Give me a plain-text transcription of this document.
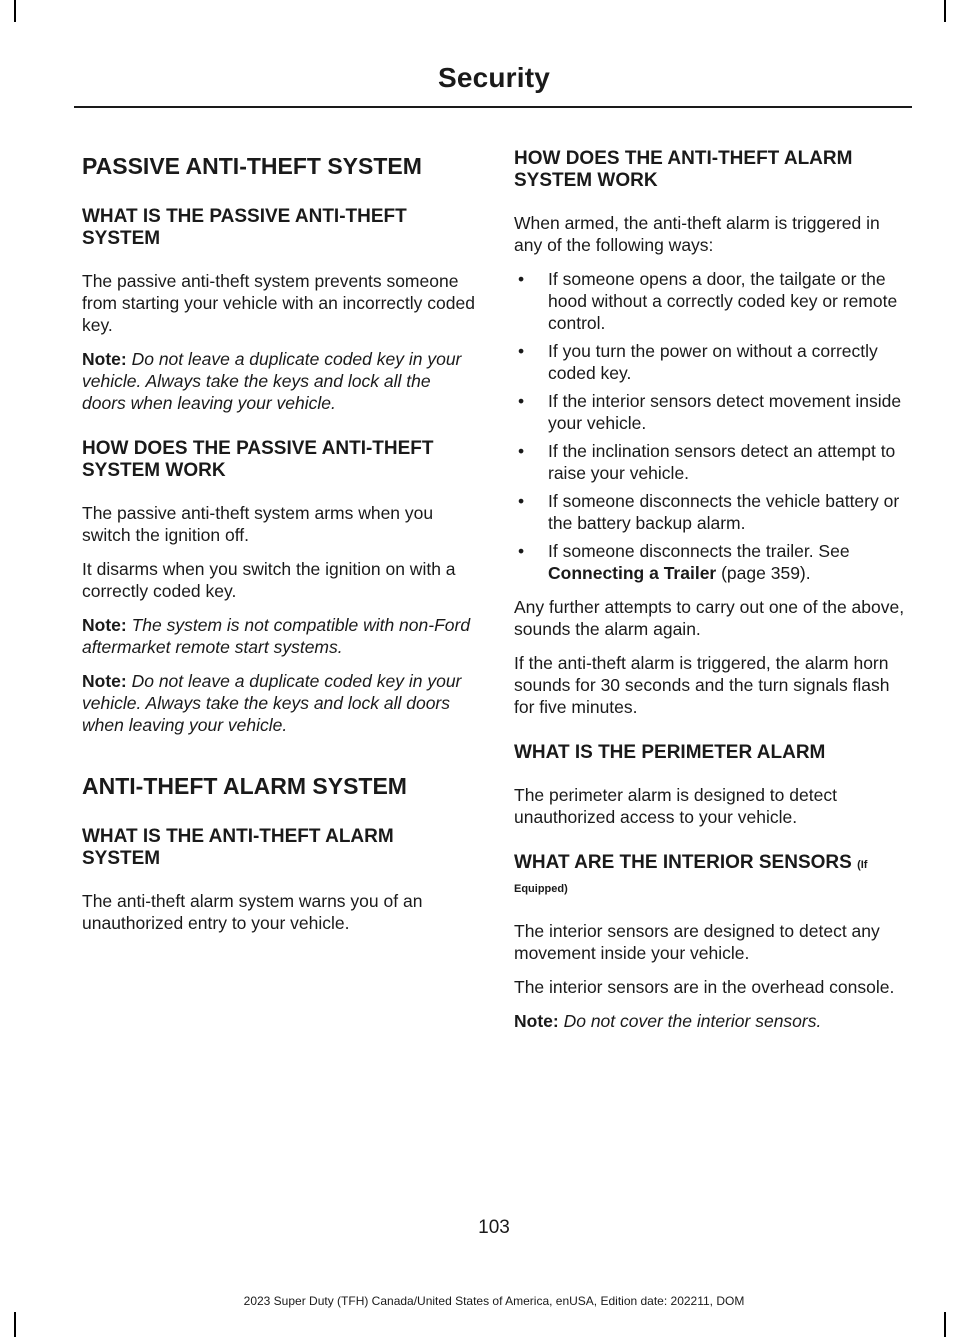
Security
PASSIVE ANTI-THEFT SYSTEM
WHAT IS THE PASSIVE ANTI-THEFT SYSTEM

The passive anti-theft system prevents someone from starting your vehicle with an incorrectly coded key.

Note: Do not leave a duplicate coded key in your vehicle. Always take the keys and lock all the doors when leaving your vehicle.

HOW DOES THE PASSIVE ANTI-THEFT SYSTEM WORK

The passive anti-theft system arms when you switch the ignition off.

It disarms when you switch the ignition on with a correctly coded key.

Note: The system is not compatible with non-Ford aftermarket remote start systems.

Note: Do not leave a duplicate coded key in your vehicle. Always take the keys and lock all doors when leaving your vehicle.

ANTI-THEFT ALARM SYSTEM
WHAT IS THE ANTI-THEFT ALARM SYSTEM

The anti-theft alarm system warns you of an unauthorized entry to your vehicle.

HOW DOES THE ANTI-THEFT ALARM SYSTEM WORK

When armed, the anti-theft alarm is triggered in any of the following ways:

• If someone opens a door, the tailgate or the hood without a correctly coded key or remote control.
• If you turn the power on without a correctly coded key.
• If the interior sensors detect movement inside your vehicle.
• If the inclination sensors detect an attempt to raise your vehicle.
• If someone disconnects the vehicle battery or the battery backup alarm.
• If someone disconnects the trailer. See Connecting a Trailer (page 359).

Any further attempts to carry out one of the above, sounds the alarm again.

If the anti-theft alarm is triggered, the alarm horn sounds for 30 seconds and the turn signals flash for five minutes.

WHAT IS THE PERIMETER ALARM

The perimeter alarm is designed to detect unauthorized access to your vehicle.

WHAT ARE THE INTERIOR SENSORS (If Equipped)

The interior sensors are designed to detect any movement inside your vehicle.

The interior sensors are in the overhead console.

Note: Do not cover the interior sensors.

103
2023 Super Duty (TFH) Canada/United States of America, enUSA, Edition date: 202211, DOM
